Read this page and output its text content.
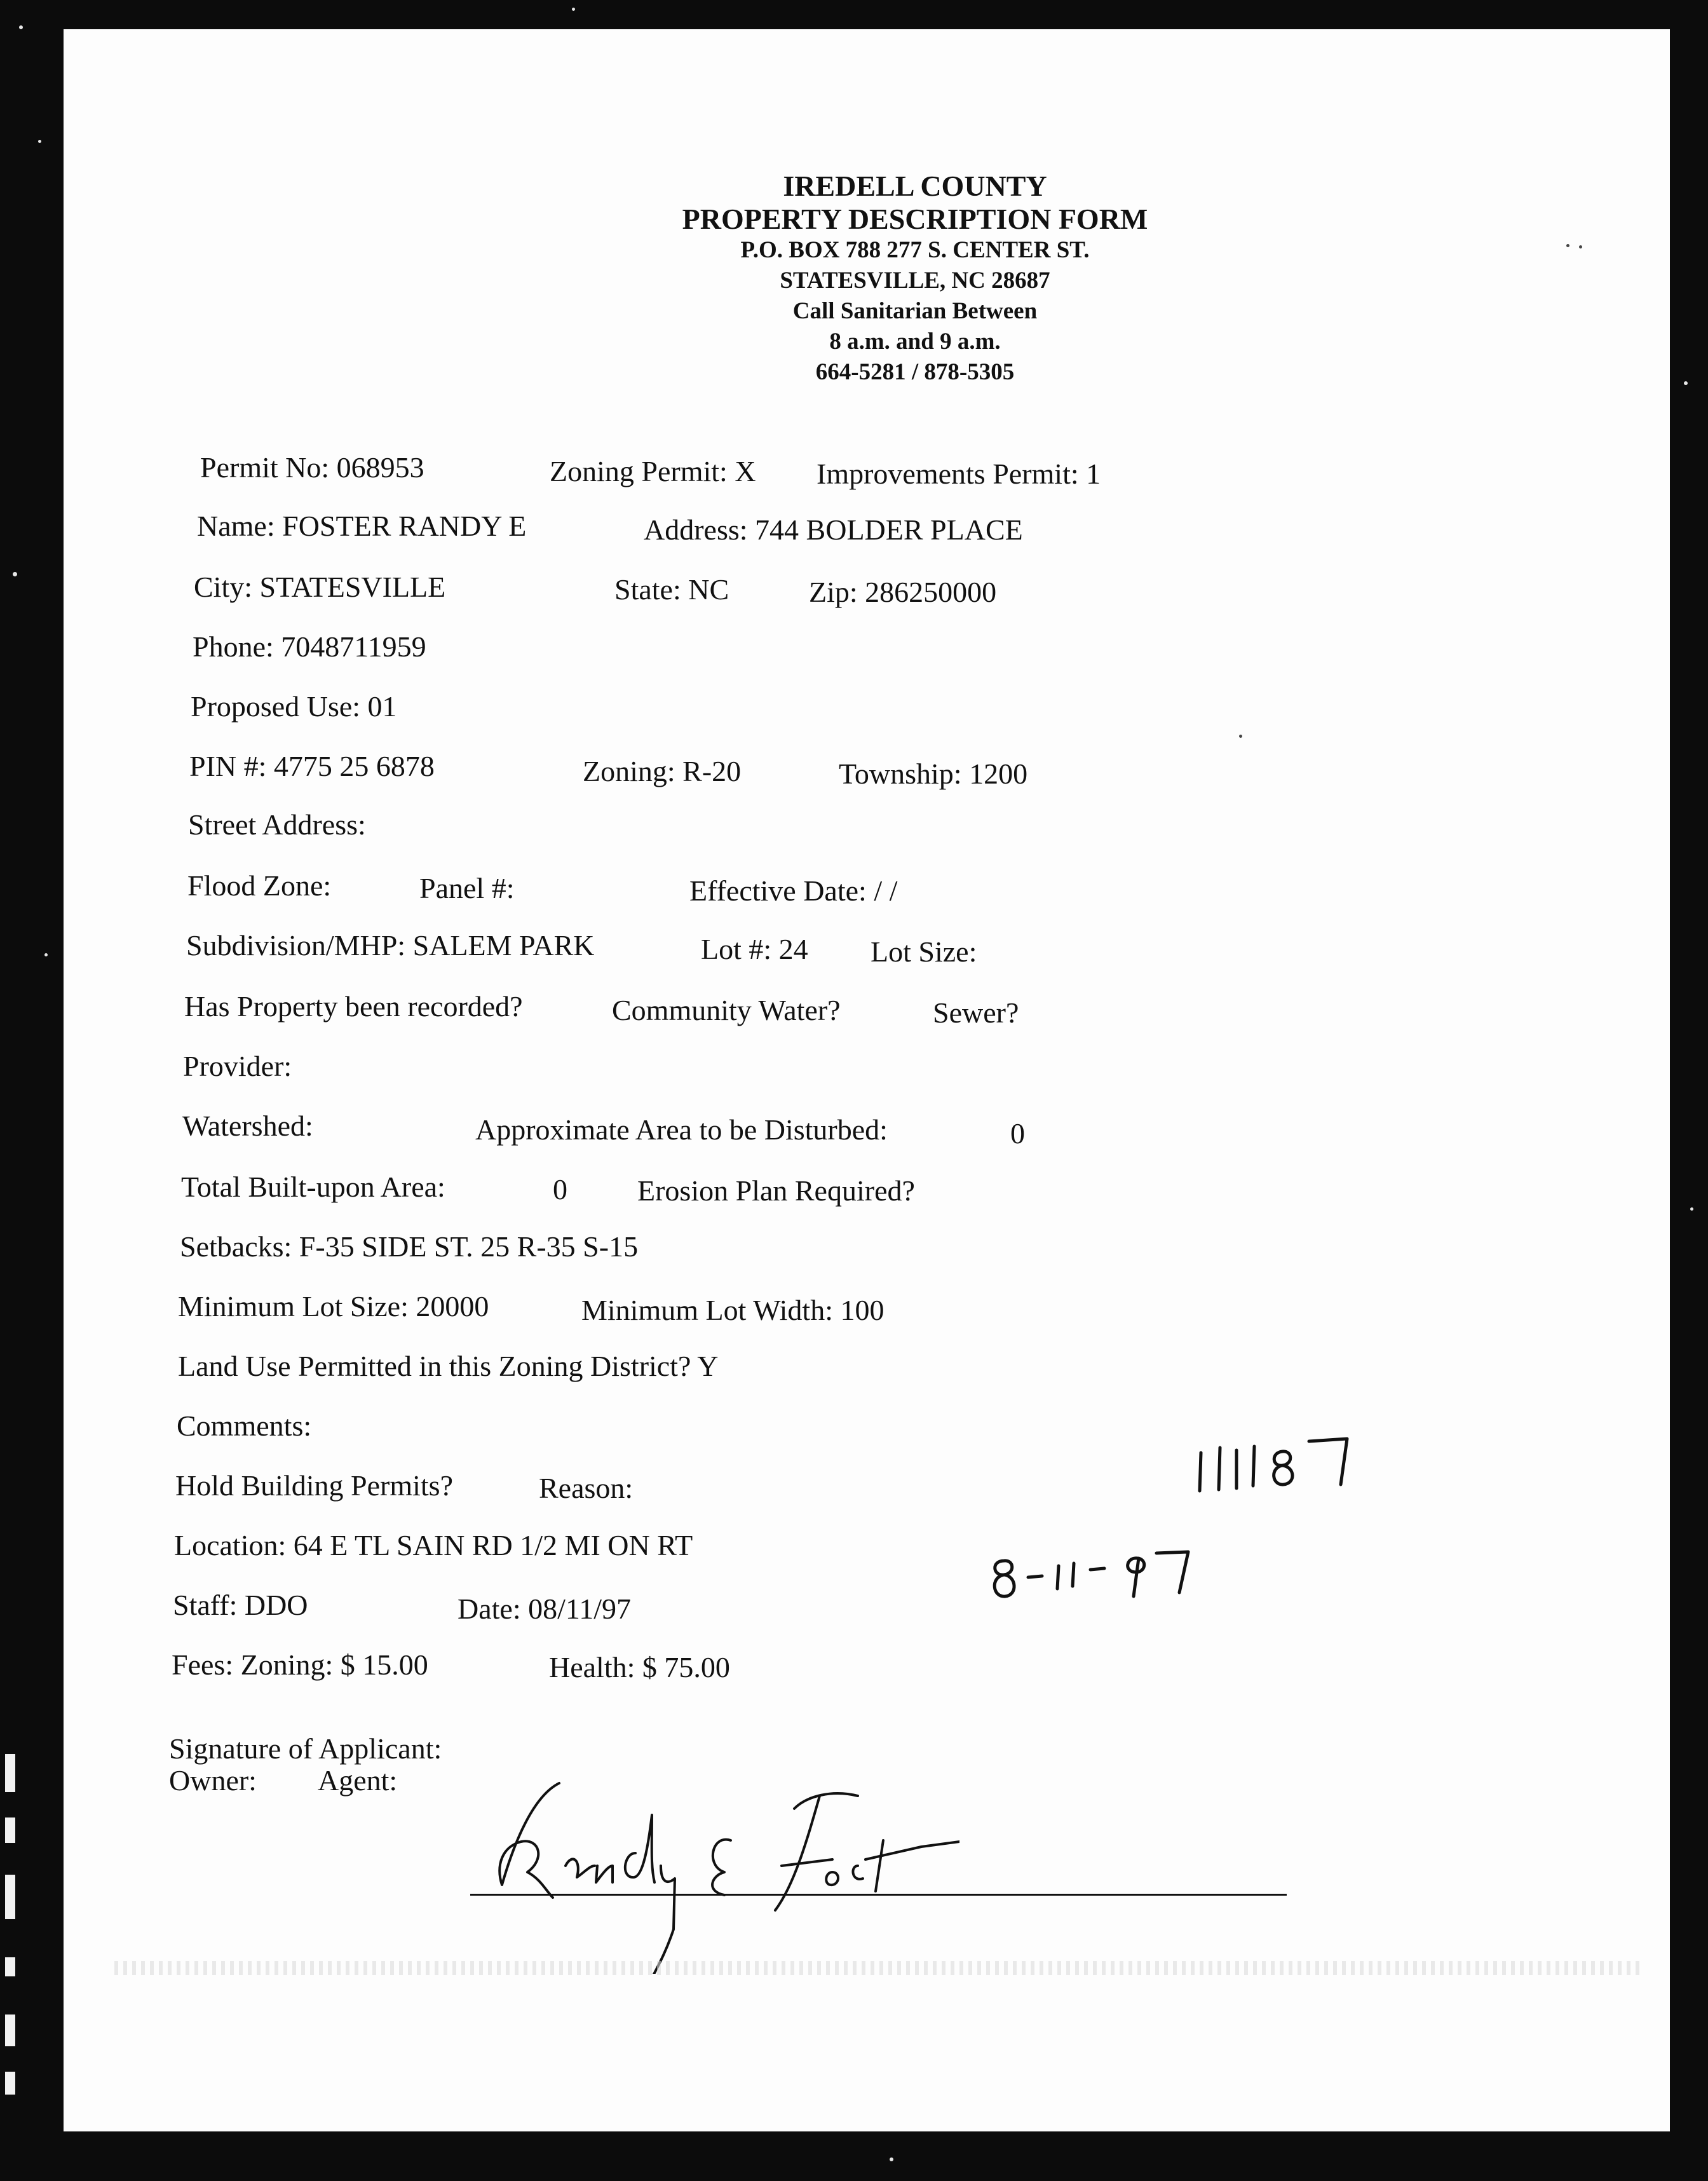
IREDELL COUNTY
PROPERTY DESCRIPTION FORM
P.O. BOX 788 277 S. CENTER ST.
STATESVILLE, NC 28687
Call Sanitarian Between
8 a.m. and 9 a.m.
664-5281 / 878-5305
Permit No: 068953	Zoning Permit: X Improvements Permit: 1
Name: FOSTER RANDY E	Address: 744 BOLDER PLACE
City: STATESVILLE	State: NC	Zip: 286250000
Phone: 7048711959
Proposed Use: 01
PIN #: 4775 25 6878	Zoning: R-20	Township: 1200
Street Address:
Flood Zone:	Panel #:	Effective Date: / /
Subdivision/MHP: SALEM PARK	Lot #: 24 Lot Size:
Has Property been recorded?	Community Water?	Sewer?
Provider:
Watershed:	Approximate Area to be Disturbed:	0
Total Built-upon Area:	0 Erosion Plan Required?
Setbacks: F-35 SIDE ST. 25 R-35 S-15
Minimum Lot Size: 20000	Minimum Lot Width: 100
Land Use Permitted in this Zoning District? Y
Comments:
Hold Building Permits?	Reason:
Location: 64 E TL SAIN RD 1/2 MI ON RT
Staff: DDO	Date: 08/11/97
Fees: Zoning: $ 15.00	Health: $ 75.00
Signature of Applicant:
Owner: Agent:
